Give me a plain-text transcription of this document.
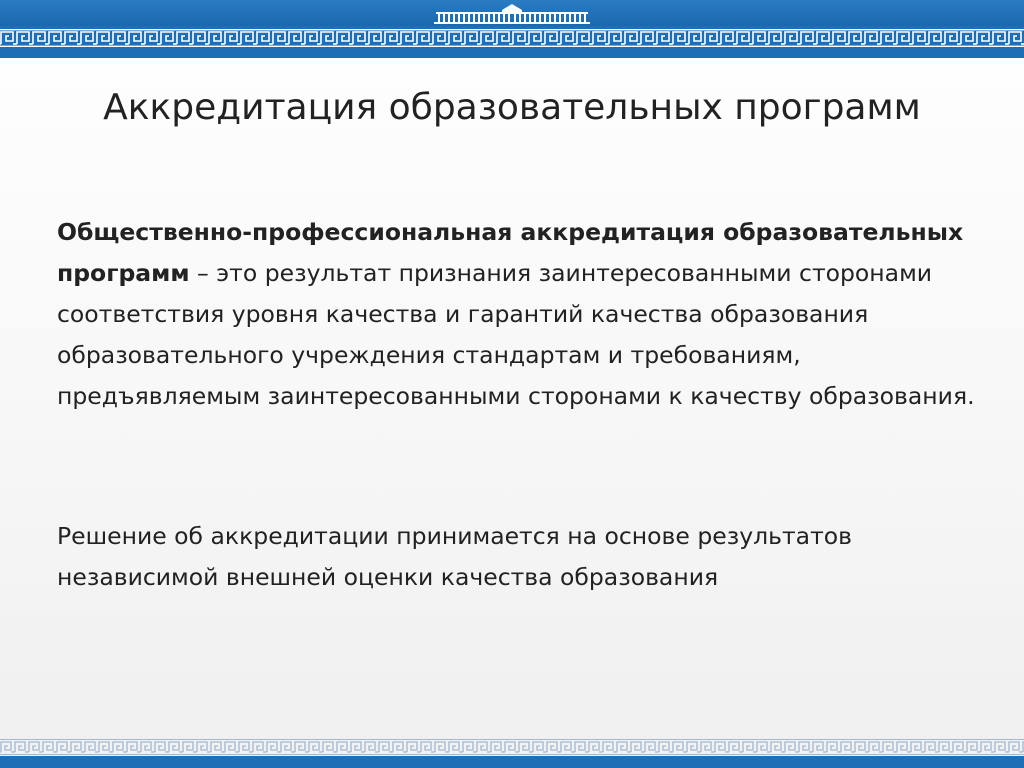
Аккредитация образовательных программ

Общественно-профессиональная аккредитация образовательных программ – это результат признания заинтересованными сторонами соответствия уровня качества и гарантий качества образования образовательного учреждения стандартам и требованиям, предъявляемым заинтересованными сторонами к качеству образования.

Решение об аккредитации принимается на основе результатов независимой внешней оценки качества образования
